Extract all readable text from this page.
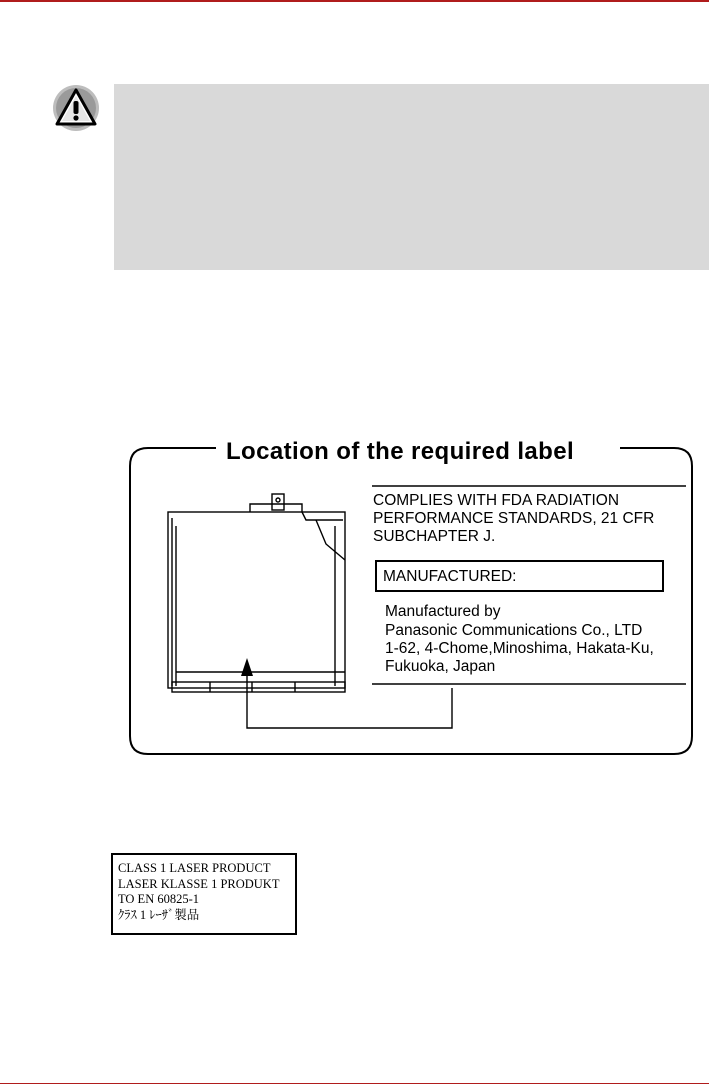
Location of the required label
COMPLIES WITH FDA RADIATION
PERFORMANCE STANDARDS, 21 CFR
SUBCHAPTER J.
MANUFACTURED:
Manufactured by
Panasonic Communications Co., LTD
1-62, 4-Chome,Minoshima, Hakata-Ku,
Fukuoka, Japan
CLASS 1 LASER PRODUCT
LASER KLASSE 1 PRODUKT
TO EN 60825-1
ｸﾗｽ 1 ﾚｰｻﾞ製品
